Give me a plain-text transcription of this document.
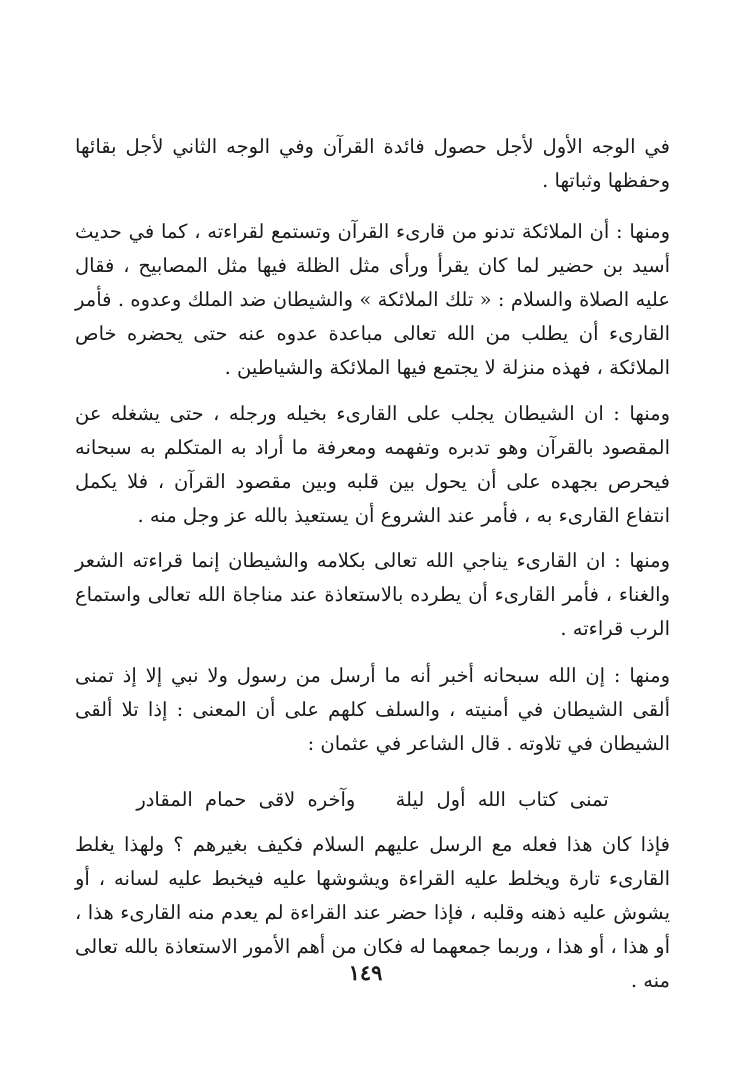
في الوجه الأول لأجل حصول فائدة القرآن وفي الوجه الثاني لأجل بقائها وحفظها وثباتها .

ومنها : أن الملائكة تدنو من قارىء القرآن وتستمع لقراءته ، كما في حديث أسيد بن حضير لما كان يقرأ ورأى مثل الظلة فيها مثل المصابيح ، فقال عليه الصلاة والسلام : « تلك الملائكة » والشيطان ضد الملك وعدوه . فأمر القارىء أن يطلب من الله تعالى مباعدة عدوه عنه حتى يحضره خاص الملائكة ، فهذه منزلة لا يجتمع فيها الملائكة والشياطين .

ومنها : ان الشيطان يجلب على القارىء بخيله ورجله ، حتى يشغله عن المقصود بالقرآن وهو تدبره وتفهمه ومعرفة ما أراد به المتكلم به سبحانه فيحرص بجهده على أن يحول بين قلبه وبين مقصود القرآن ، فلا يكمل انتفاع القارىء به ، فأمر عند الشروع أن يستعيذ بالله عز وجل منه .

ومنها : ان القارىء يناجي الله تعالى بكلامه والشيطان إنما قراءته الشعر والغناء ، فأمر القارىء أن يطرده بالاستعاذة عند مناجاة الله تعالى واستماع الرب قراءته .

ومنها : إن الله سبحانه أخبر أنه ما أرسل من رسول ولا نبي إلا إذ تمنى ألقى الشيطان في أمنيته ، والسلف كلهم على أن المعنى : إذا تلا ألقى الشيطان في تلاوته . قال الشاعر في عثمان :

تمنى كتاب الله أول ليلة وآخره لاقى حمام المقادر

فإذا كان هذا فعله مع الرسل عليهم السلام فكيف بغيرهم ؟ ولهذا يغلط القارىء تارة ويخلط عليه القراءة ويشوشها عليه فيخبط عليه لسانه ، أو يشوش عليه ذهنه وقلبه ، فإذا حضر عند القراءة لم يعدم منه القارىء هذا ، أو هذا ، أو هذا ، وربما جمعهما له فكان من أهم الأمور الاستعاذة بالله تعالى منه .

١٤٩
